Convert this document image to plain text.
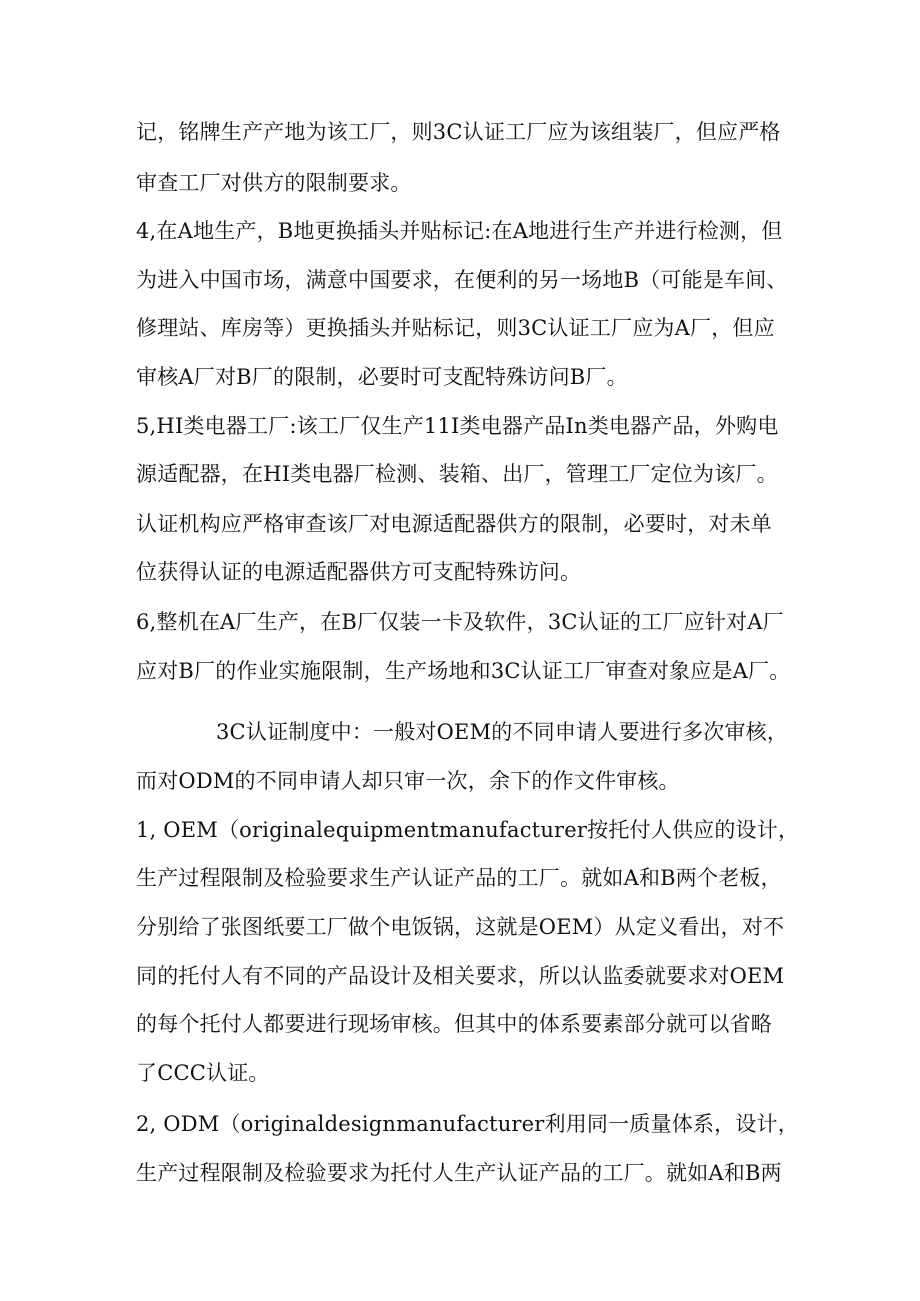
记，铭牌生产产地为该工厂，则3C认证工厂应为该组装厂，但应严格
审查工厂对供方的限制要求。
4,在A地生产，B地更换插头并贴标记:在A地进行生产并进行检测，但
为进入中国市场，满意中国要求，在便利的另一场地B（可能是车间、
修理站、库房等）更换插头并贴标记，则3C认证工厂应为A厂，但应
审核A厂对B厂的限制，必要时可支配特殊访问B厂。
5,HI类电器工厂:该工厂仅生产11I类电器产品In类电器产品，外购电
源适配器，在HI类电器厂检测、装箱、出厂，管理工厂定位为该厂。
认证机构应严格审查该厂对电源适配器供方的限制，必要时，对未单
位获得认证的电源适配器供方可支配特殊访问。
6,整机在A厂生产，在B厂仅装一卡及软件，3C认证的工厂应针对A厂
应对B厂的作业实施限制，生产场地和3C认证工厂审查对象应是A厂。
3C认证制度中：一般对OEM的不同申请人要进行多次审核，
而对ODM的不同申请人却只审一次，余下的作文件审核。
1, OEM（originalequipmentmanufacturer按托付人供应的设计，
生产过程限制及检验要求生产认证产品的工厂。就如A和B两个老板，
分别给了张图纸要工厂做个电饭锅，这就是OEM）从定义看出，对不
同的托付人有不同的产品设计及相关要求，所以认监委就要求对OEM
的每个托付人都要进行现场审核。但其中的体系要素部分就可以省略
了CCC认证。
2, ODM（originaldesignmanufacturer利用同一质量体系，设计，
生产过程限制及检验要求为托付人生产认证产品的工厂。就如A和B两
